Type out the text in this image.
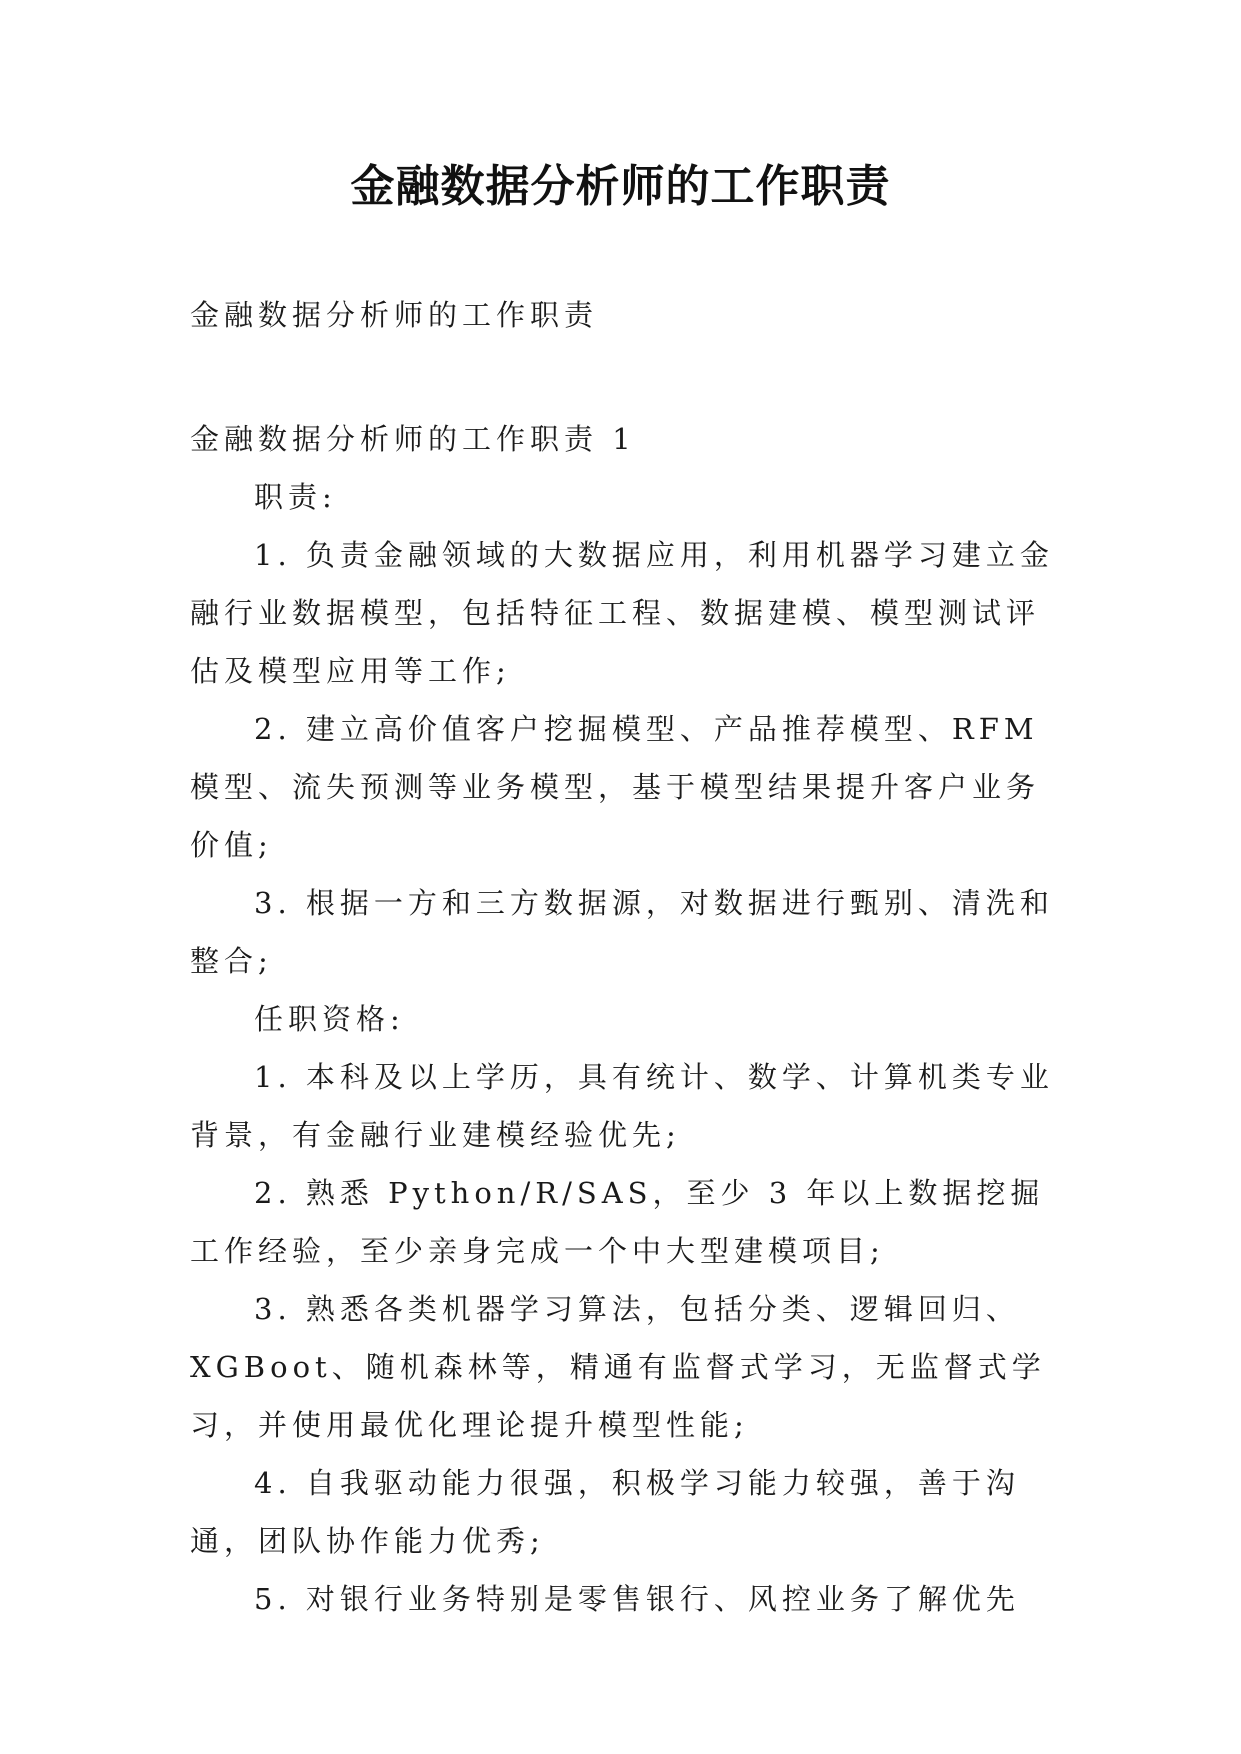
金融数据分析师的工作职责

金融数据分析师的工作职责

金融数据分析师的工作职责 1

职责:

1. 负责金融领域的大数据应用，利用机器学习建立金融行业数据模型，包括特征工程、数据建模、模型测试评估及模型应用等工作;

2. 建立高价值客户挖掘模型、产品推荐模型、RFM 模型、流失预测等业务模型，基于模型结果提升客户业务价值;

3. 根据一方和三方数据源，对数据进行甄别、清洗和整合;

任职资格:

1. 本科及以上学历，具有统计、数学、计算机类专业背景，有金融行业建模经验优先;

2. 熟悉 Python/R/SAS，至少 3 年以上数据挖掘工作经验，至少亲身完成一个中大型建模项目;

3. 熟悉各类机器学习算法，包括分类、逻辑回归、XGBoot、随机森林等，精通有监督式学习，无监督式学习，并使用最优化理论提升模型性能;

4. 自我驱动能力很强，积极学习能力较强，善于沟通，团队协作能力优秀;

5. 对银行业务特别是零售银行、风控业务了解优先
